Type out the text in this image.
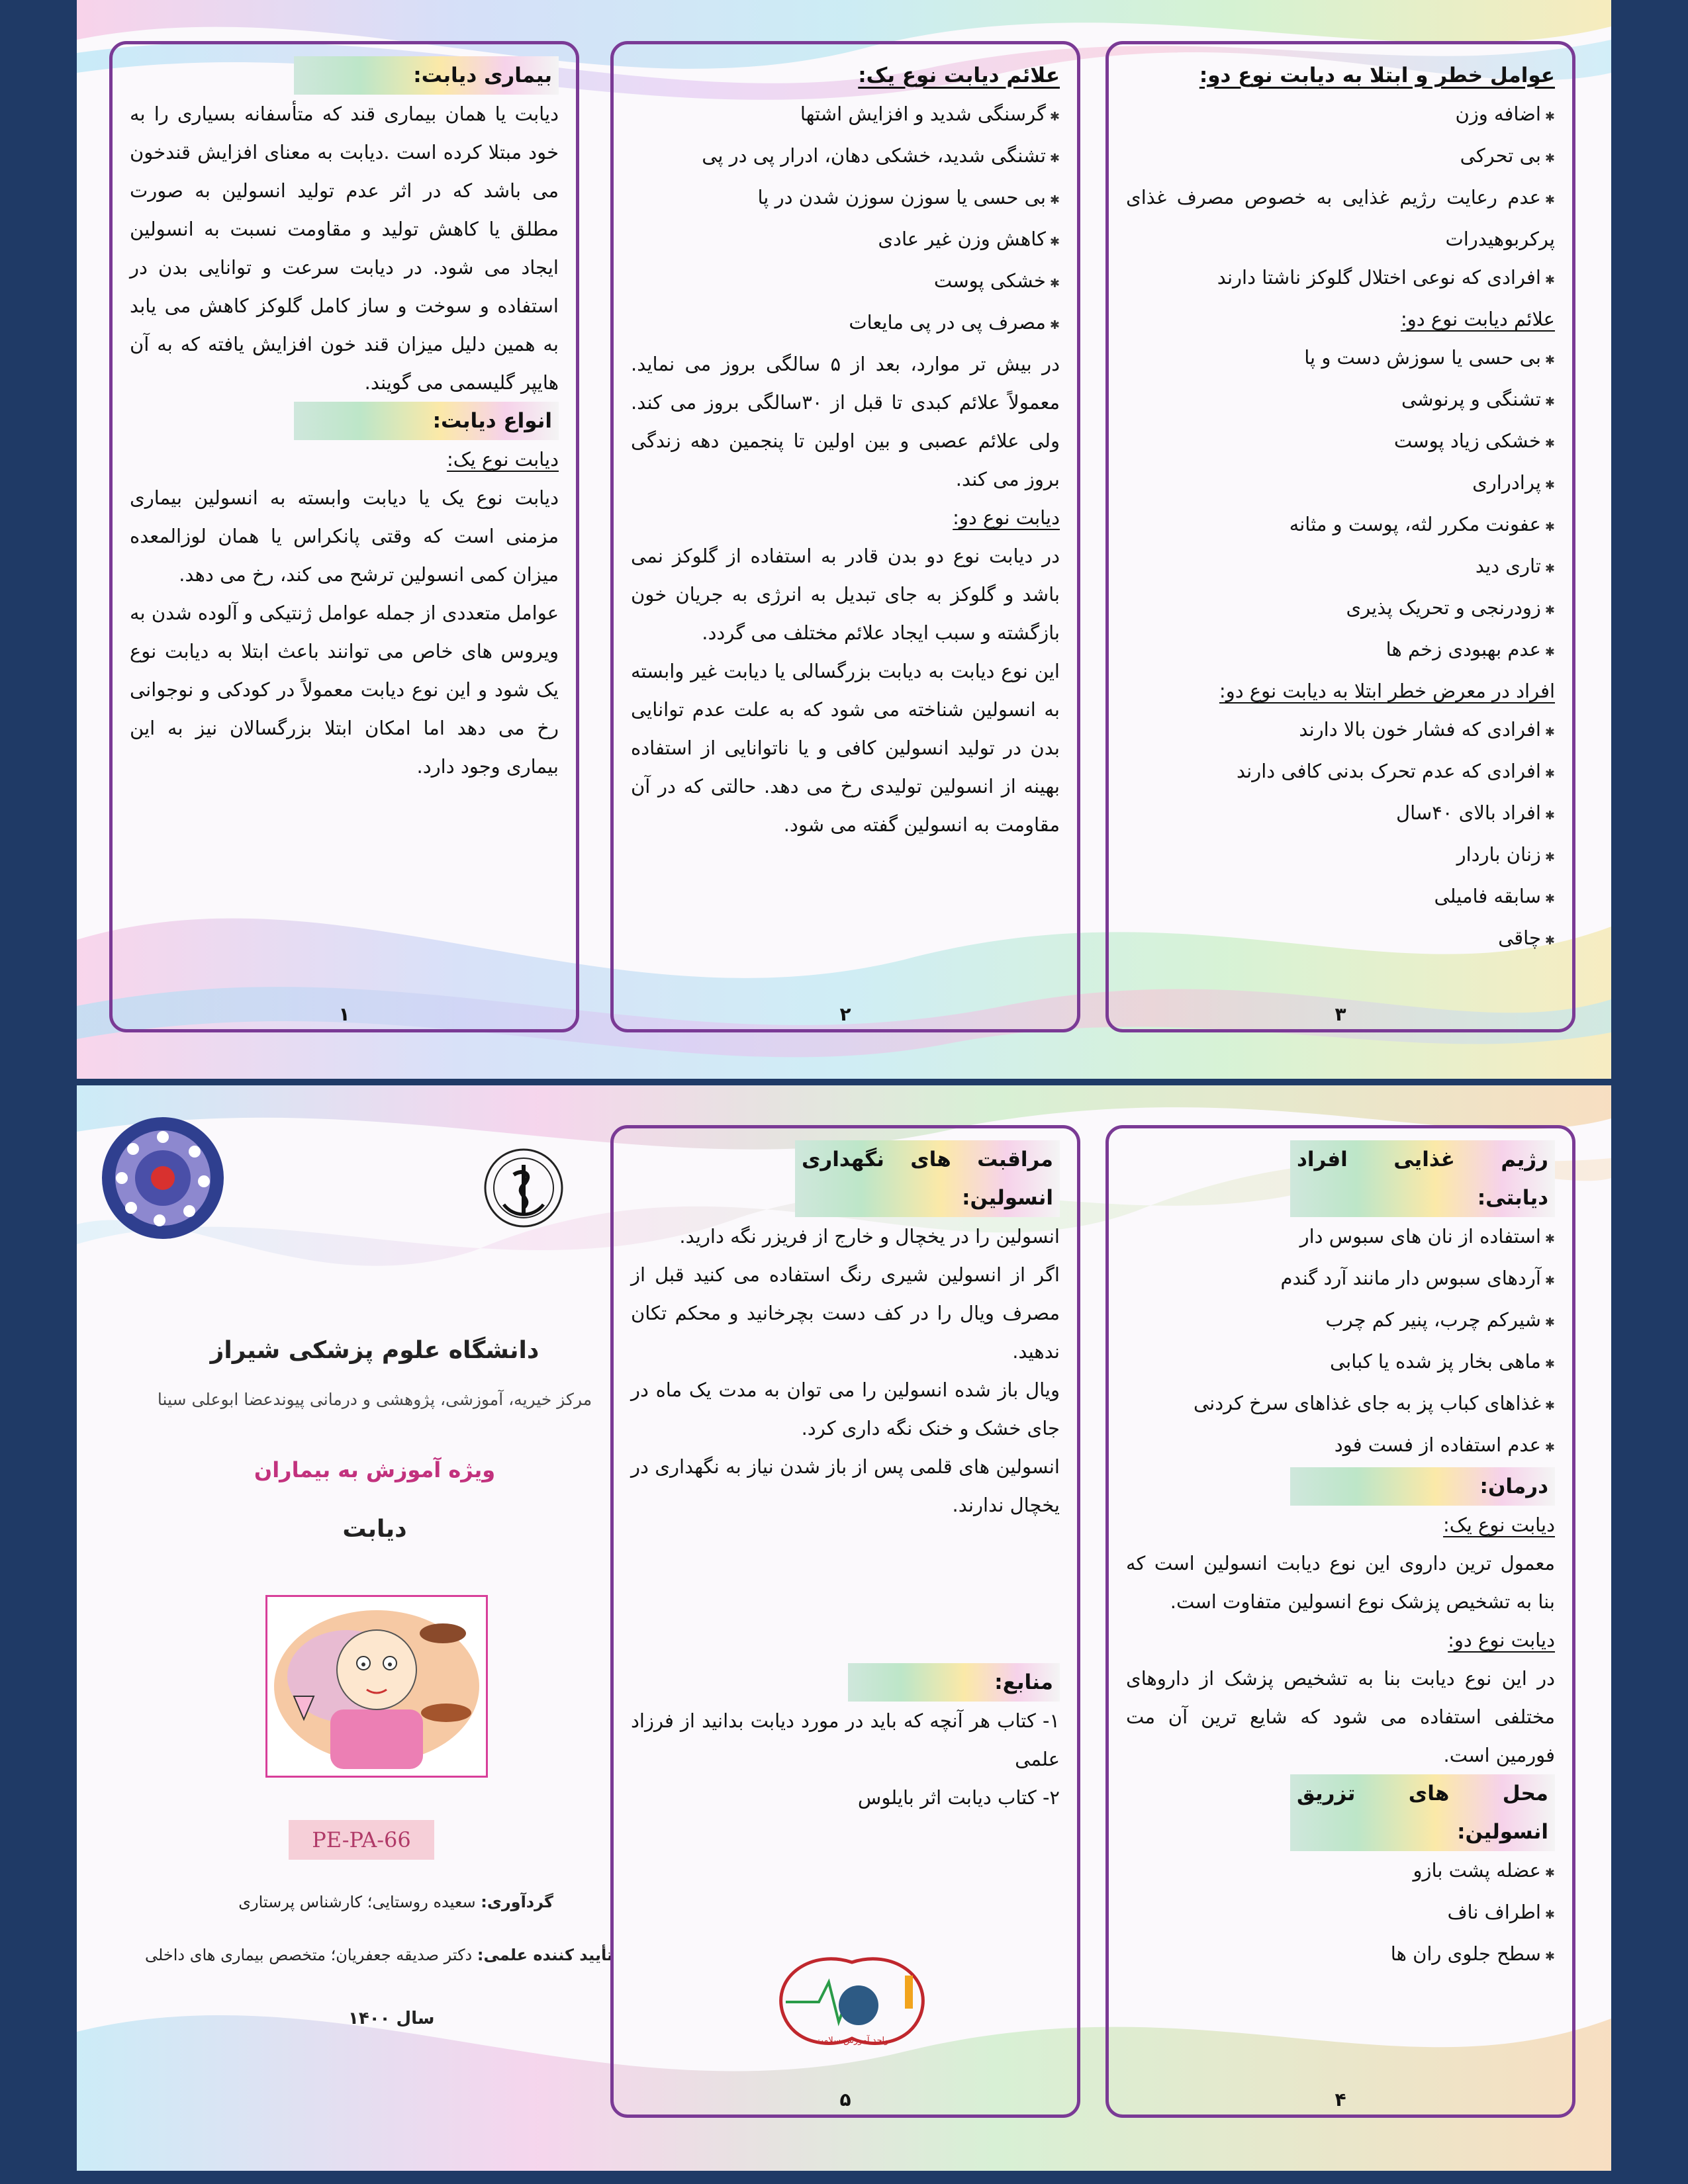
بیماری دیابت:

دیابت یا همان بیماری قند که متأسفانه بسیاری را به خود مبتلا کرده است .دیابت به معنای افزایش قندخون می باشد که در اثر عدم تولید انسولین به صورت مطلق یا کاهش تولید و مقاومت نسبت به انسولین ایجاد می شود. در دیابت سرعت و توانایی بدن در استفاده و سوخت و ساز کامل گلوکز کاهش می یابد به همین دلیل میزان قند خون افزایش یافته که به آن هایپر گلیسمی می گویند.

انواع دیابت:

دیابت نوع یک:

دیابت نوع یک یا دیابت وابسته به انسولین بیماری مزمنی است که وقتی پانکراس یا همان لوزالمعده میزان کمی انسولین ترشح می کند، رخ می دهد.

عوامل متعددی از جمله عوامل ژنتیکی و آلوده شدن به ویروس های خاص می توانند باعث ابتلا به دیابت نوع یک شود و این نوع دیابت معمولاً در کودکی و نوجوانی رخ می دهد اما امکان ابتلا بزرگسالان نیز به این بیماری وجود دارد.

۱

علائم دیابت نوع یک:

✱ گرسنگی شدید و افزایش اشتها
✱ تشنگی شدید، خشکی دهان، ادرار پی در پی
✱ بی حسی یا سوزن سوزن شدن در پا
✱ کاهش وزن غیر عادی
✱ خشکی پوست
✱ مصرف پی در پی مایعات

در بیش تر موارد، بعد از ۵ سالگی بروز می نماید. معمولاً علائم کبدی تا قبل از ۳۰سالگی بروز می کند. ولی علائم عصبی و بین اولین تا پنجمین دهه زندگی بروز می کند.

دیابت نوع دو:

در دیابت نوع دو بدن قادر به استفاده از گلوکز نمی باشد و گلوکز به جای تبدیل به انرژی به جریان خون بازگشته و سبب ایجاد علائم مختلف می گردد.

این نوع دیابت به دیابت بزرگسالی یا دیابت غیر وابسته به انسولین شناخته می شود که به علت عدم توانایی بدن در تولید انسولین کافی و یا ناتوانایی از استفاده بهینه از انسولین تولیدی رخ می دهد. حالتی که در آن مقاومت به انسولین گفته می شود.

۲

عوامل خطر و ابتلا به دیابت نوع دو:

✱ اضافه وزن
✱ بی تحرکی
✱ عدم رعایت رژیم غذایی به خصوص مصرف غذای پرکربوهیدرات
✱ افرادی که نوعی اختلال گلوکز ناشتا دارند

علائم دیابت نوع دو:

✱ بی حسی یا سوزش دست و پا
✱ تشنگی و پرنوشی
✱ خشکی زیاد پوست
✱ پرادراری
✱ عفونت مکرر لثه، پوست و مثانه
✱ تاری دید
✱ زودرنجی و تحریک پذیری
✱ عدم بهبودی زخم ها

افراد در معرض خطر ابتلا به دیابت نوع دو:

✱ افرادی که فشار خون بالا دارند
✱ افرادی که عدم تحرک بدنی کافی دارند
✱ افراد بالای ۴۰سال
✱ زنان باردار
✱ سابقه فامیلی
✱ چاقی
۳
دانشگاه علوم پزشکی شیراز
مرکز خیریه، آموزشی، پژوهشی و درمانی پیوندعضا ابوعلی سینا
ویژه آموزش به بیماران
دیابت
PE-PA-66
گردآوری: سعیده روستایی؛ کارشناس پرستاری
تأیید کننده علمی: دکتر صدیقه جعفریان؛ متخصص بیماری های داخلی
سال ۱۴۰۰

مراقبت های نگهداری انسولین:

انسولین را در یخچال و خارج از فریزر نگه دارید.

اگر از انسولین شیری رنگ استفاده می کنید قبل از مصرف ویال را در کف دست بچرخانید و محکم تکان ندهید.

ویال باز شده انسولین را می توان به مدت یک ماه در جای خشک و خنک نگه داری کرد.

انسولین های قلمی پس از باز شدن نیاز به نگهداری در یخچال ندارند.

منابع:

۱- کتاب هر آنچه که باید در مورد دیابت بدانید از فرزاد علمی

۲- کتاب دیابت اثر بایلوس

واحد آموزش سلامت
۵

رژیم غذایی افراد دیابتی:

✱ استفاده از نان های سبوس دار
✱ آردهای سبوس دار مانند آرد گندم
✱ شیرکم چرب، پنیر کم چرب
✱ ماهی بخار پز شده یا کبابی
✱ غذاهای کباب پز به جای غذاهای سرخ کردنی
✱ عدم استفاده از فست فود

درمان:

دیابت نوع یک:

معمول ترین داروی این نوع دیابت انسولین است که بنا به تشخیص پزشک نوع انسولین متفاوت است.

دیابت نوع دو:

در این نوع دیابت بنا به تشخیص پزشک از داروهای مختلفی استفاده می شود که شایع ترین آن مت فورمین است.

محل های تزریق انسولین:

✱ عضله پشت بازو
✱ اطراف ناف
✱ سطح جلوی ران ها
۴
